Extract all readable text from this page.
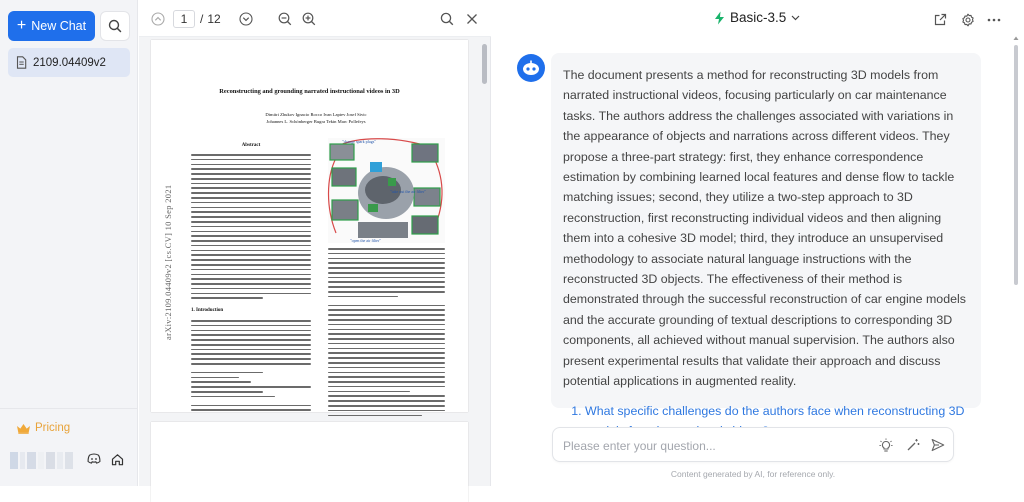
+ New Chat
2109.04409v2
Pricing
1	/ 12
Reconstructing and grounding narrated instructional videos in 3D
Dimitri Zhukov Ignacio Rocco Ivan Laptev Josef Sivic
Johannes L. Schönberger Bugra Tekin Marc Pollefeys
arXiv:2109.04409v2 [cs.CV] 10 Sep 2021
Abstract
1. Introduction
"change spark plugs"
"take out the air filter"
"open the air filter"
Basic-3.5

The document presents a method for reconstructing 3D models from narrated instructional videos, focusing particularly on car maintenance tasks. The authors address the challenges associated with variations in the appearance of objects and narrations across different videos. They propose a three-part strategy: first, they enhance correspondence estimation by combining learned local features and dense flow to tackle matching issues; second, they utilize a two-step approach to 3D reconstruction, first reconstructing individual videos and then aligning them into a cohesive 3D model; third, they introduce an unsupervised methodology to associate natural language instructions with the reconstructed 3D objects. The effectiveness of their method is demonstrated through the successful reconstruction of car engine models and the accurate grounding of textual descriptions to corresponding 3D components, all achieved without manual supervision. The authors also present experimental results that validate their approach and discuss potential applications in augmented reality.

1. What specific challenges do the authors face when reconstructing 3D
Please enter your question...
Content generated by AI, for reference only.
